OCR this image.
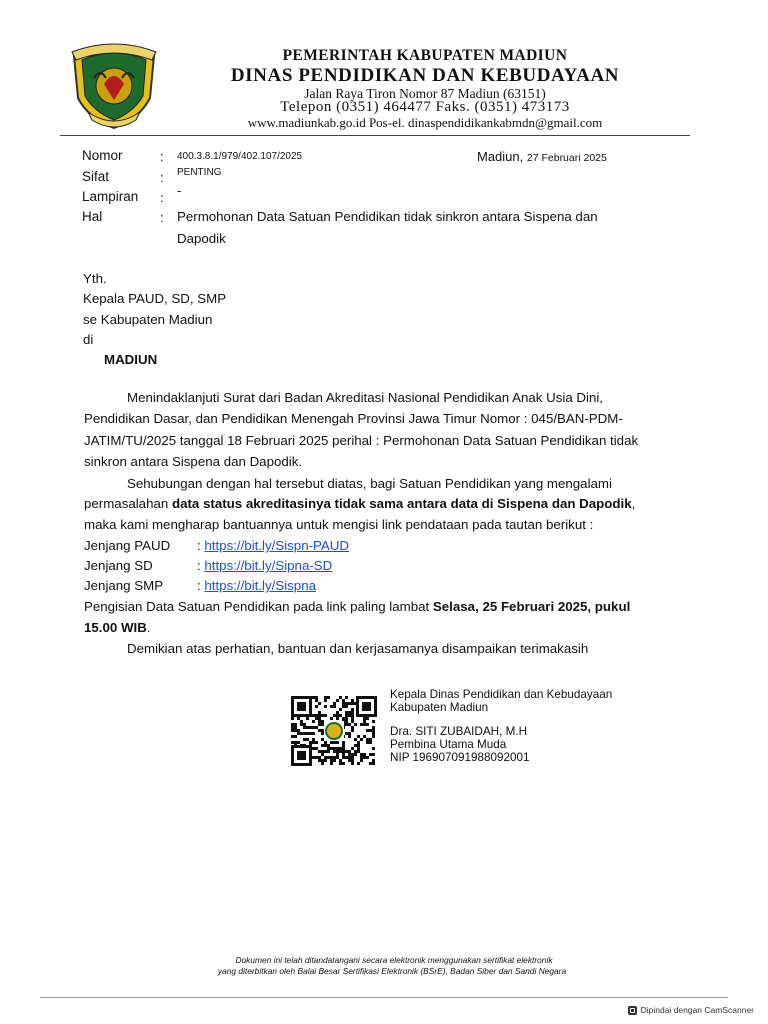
PEMERINTAH KABUPATEN MADIUN
DINAS PENDIDIKAN DAN KEBUDAYAAN
Jalan Raya Tiron Nomor 87 Madiun (63151)
Telepon (0351) 464477 Faks. (0351) 473173
www.madiunkab.go.id Pos-el. dinaspendidikankabmdn@gmail.com
Nomor	: 400.3.8.1/979/402.107/2025
Sifat	: PENTING
Lampiran : -
Hal	: Permohonan Data Satuan Pendidikan tidak sinkron antara Sispena dan
Dapodik
Madiun, 27 Februari 2025
Yth.
Kepala PAUD, SD, SMP
se Kabupaten Madiun
di
MADIUN
Menindaklanjuti Surat dari Badan Akreditasi Nasional Pendidikan Anak Usia Dini,
Pendidikan Dasar, dan Pendidikan Menengah Provinsi Jawa Timur Nomor : 045/BAN-PDM-
JATIM/TU/2025 tanggal 18 Februari 2025 perihal : Permohonan Data Satuan Pendidikan tidak
sinkron antara Sispena dan Dapodik.
Sehubungan dengan hal tersebut diatas, bagi Satuan Pendidikan yang mengalami
permasalahan data status akreditasinya tidak sama antara data di Sispena dan Dapodik,
maka kami mengharap bantuannya untuk mengisi link pendataan pada tautan berikut :
Jenjang PAUD : https://bit.ly/Sispn-PAUD
Jenjang SD	: https://bit.ly/Sipna-SD
Jenjang SMP	: https://bit.ly/Sispna
Pengisian Data Satuan Pendidikan pada link paling lambat Selasa, 25 Februari 2025, pukul
15.00 WIB.
Demikian atas perhatian, bantuan dan kerjasamanya disampaikan terimakasih
Kepala Dinas Pendidikan dan Kebudayaan
Kabupaten Madiun
Dra. SITI ZUBAIDAH, M.H
Pembina Utama Muda
NIP 196907091988092001
Dokumen ini telah ditandatangani secara elektronik menggunakan sertifikat elektronik
yang diterbitkan oleh Balai Besar Sertifikasi Elektronik (BSrE), Badan Siber dan Sandi Negara
Dipindai dengan CamScanner
